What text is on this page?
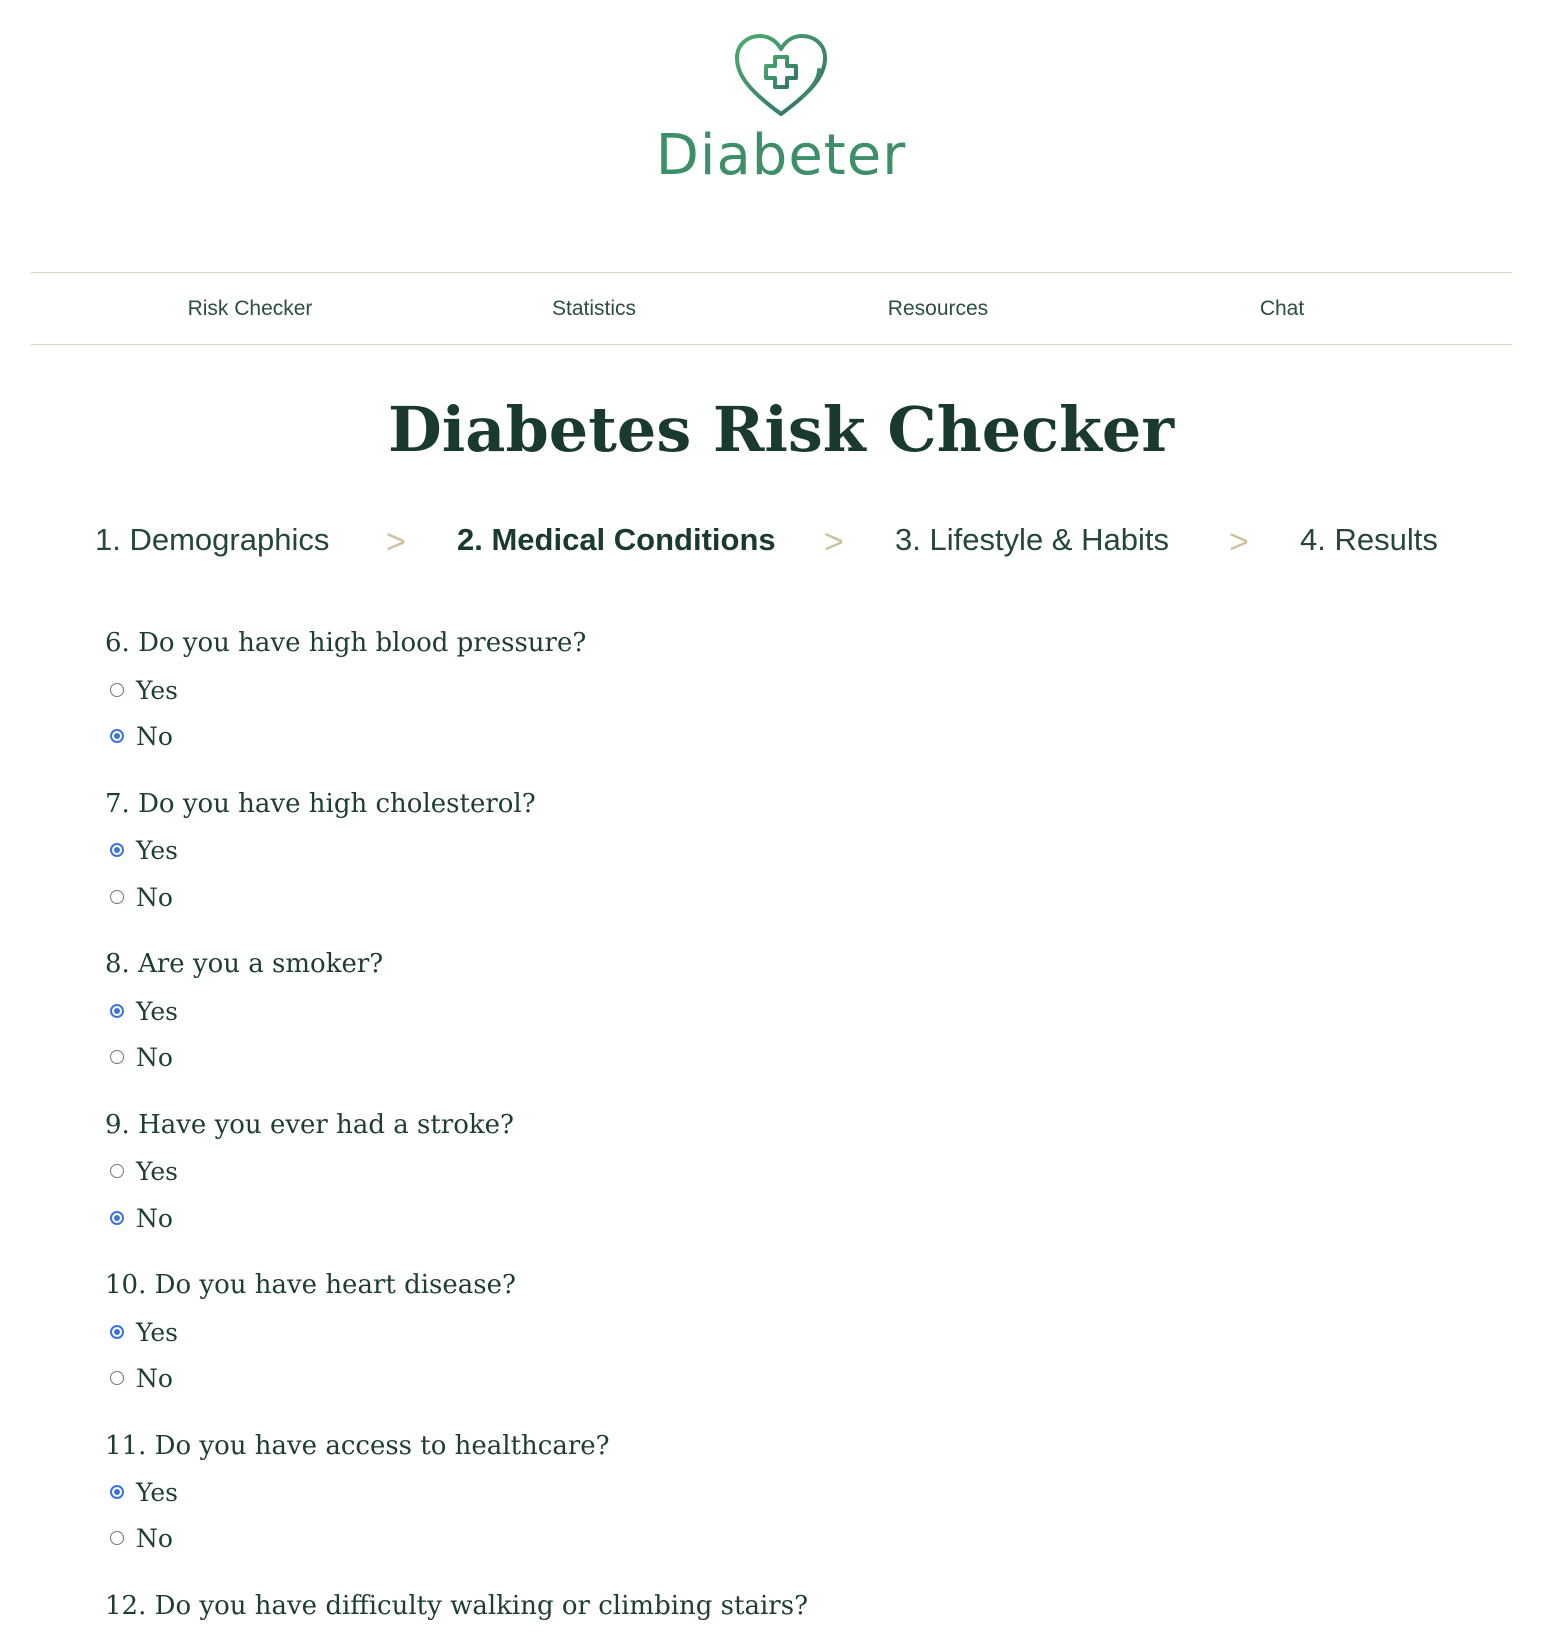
Diabeter
Risk Checker	Statistics	Resources	Chat
Diabetes Risk Checker
1. Demographics > 2. Medical Conditions > 3. Lifestyle & Habits > 4. Results
6. Do you have high blood pressure?
Yes
No
7. Do you have high cholesterol?
Yes
No
8. Are you a smoker?
Yes
No
9. Have you ever had a stroke?
Yes
No
10. Do you have heart disease?
Yes
No
11. Do you have access to healthcare?
Yes
No
12. Do you have difficulty walking or climbing stairs?
